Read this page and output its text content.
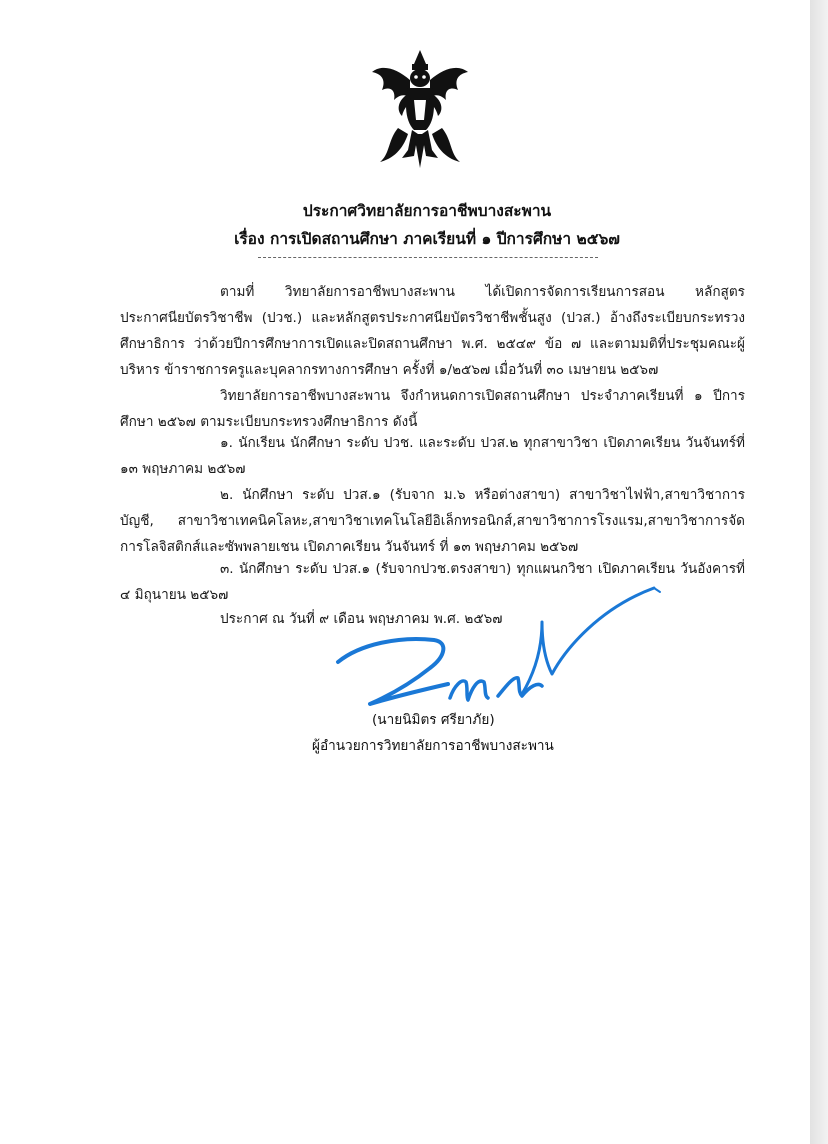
ประกาศวิทยาลัยการอาชีพบางสะพาน
เรื่อง การเปิดสถานศึกษา ภาคเรียนที่ ๑ ปีการศึกษา ๒๕๖๗

ตามที่ วิทยาลัยการอาชีพบางสะพาน ได้เปิดการจัดการเรียนการสอน หลักสูตรประกาศนียบัตรวิชาชีพ (ปวช.) และหลักสูตรประกาศนียบัตรวิชาชีพชั้นสูง (ปวส.) อ้างถึงระเบียบกระทรวงศึกษาธิการ ว่าด้วยปีการศึกษาการเปิดและปิดสถานศึกษา พ.ศ. ๒๕๔๙ ข้อ ๗ และตามมติที่ประชุมคณะผู้บริหาร ข้าราชการครูและบุคลากรทางการศึกษา ครั้งที่ ๑/๒๕๖๗ เมื่อวันที่ ๓๐ เมษายน ๒๕๖๗

วิทยาลัยการอาชีพบางสะพาน จึงกำหนดการเปิดสถานศึกษา ประจำภาคเรียนที่ ๑ ปีการศึกษา ๒๕๖๗ ตามระเบียบกระทรวงศึกษาธิการ ดังนี้

๑. นักเรียน นักศึกษา ระดับ ปวช. และระดับ ปวส.๒ ทุกสาขาวิชา เปิดภาคเรียน วันจันทร์ที่ ๑๓ พฤษภาคม ๒๕๖๗

๒. นักศึกษา ระดับ ปวส.๑ (รับจาก ม.๖ หรือต่างสาขา) สาขาวิชาไฟฟ้า,สาขาวิชาการบัญชี, สาขาวิชาเทคนิคโลหะ,สาขาวิชาเทคโนโลยีอิเล็กทรอนิกส์,สาขาวิชาการโรงแรม,สาขาวิชาการจัดการโลจิสติกส์และซัพพลายเชน เปิดภาคเรียน วันจันทร์ ที่ ๑๓ พฤษภาคม ๒๕๖๗

๓. นักศึกษา ระดับ ปวส.๑ (รับจากปวช.ตรงสาขา) ทุกแผนกวิชา เปิดภาคเรียน วันอังคารที่ ๔ มิถุนายน ๒๕๖๗

ประกาศ ณ วันที่ ๙ เดือน พฤษภาคม พ.ศ. ๒๕๖๗
(นายนิมิตร ศรียาภัย)
ผู้อำนวยการวิทยาลัยการอาชีพบางสะพาน
